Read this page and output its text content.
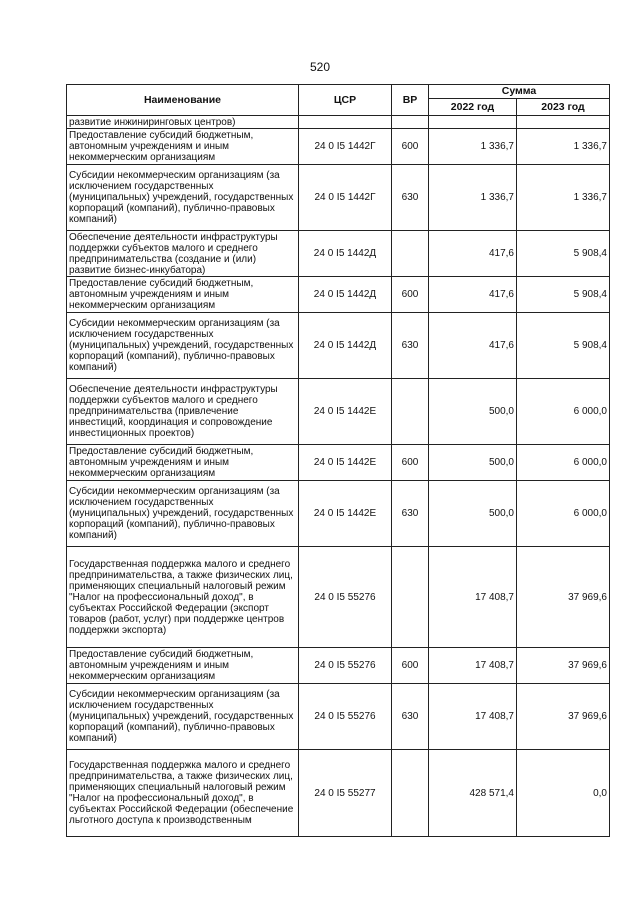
520
Наименование	ЦСР	ВР	Сумма	
			2022 год	2023 год
развитие инжиниринговых центров)				
Предоставление субсидий бюджетным, автономным учреждениям и иным некоммерческим организациям	24 0 I5 1442Г	600	1 336,7	1 336,7
Субсидии некоммерческим организациям (за исключением государственных (муниципальных) учреждений, государственных корпораций (компаний), публично-правовых компаний)	24 0 I5 1442Г	630	1 336,7	1 336,7
Обеспечение деятельности инфраструктуры поддержки субъектов малого и среднего предпринимательства (создание и (или) развитие бизнес-инкубатора)	24 0 I5 1442Д		417,6	5 908,4
Предоставление субсидий бюджетным, автономным учреждениям и иным некоммерческим организациям	24 0 I5 1442Д	600	417,6	5 908,4
Субсидии некоммерческим организациям (за исключением государственных (муниципальных) учреждений, государственных корпораций (компаний), публично-правовых компаний)	24 0 I5 1442Д	630	417,6	5 908,4
Обеспечение деятельности инфраструктуры поддержки субъектов малого и среднего предпринимательства (привлечение инвестиций, координация и сопровождение инвестиционных проектов)	24 0 I5 1442Е		500,0	6 000,0
Предоставление субсидий бюджетным, автономным учреждениям и иным некоммерческим организациям	24 0 I5 1442Е	600	500,0	6 000,0
Субсидии некоммерческим организациям (за исключением государственных (муниципальных) учреждений, государственных корпораций (компаний), публично-правовых компаний)	24 0 I5 1442Е	630	500,0	6 000,0
Государственная поддержка малого и среднего предпринимательства, а также физических лиц, применяющих специальный налоговый режим "Налог на профессиональный доход", в субъектах Российской Федерации (экспорт товаров (работ, услуг) при поддержке центров поддержки экспорта)	24 0 I5 55276		17 408,7	37 969,6
Предоставление субсидий бюджетным, автономным учреждениям и иным некоммерческим организациям	24 0 I5 55276	600	17 408,7	37 969,6
Субсидии некоммерческим организациям (за исключением государственных (муниципальных) учреждений, государственных корпораций (компаний), публично-правовых компаний)	24 0 I5 55276	630	17 408,7	37 969,6
Государственная поддержка малого и среднего предпринимательства, а также физических лиц, применяющих специальный налоговый режим "Налог на профессиональный доход", в субъектах Российской Федерации (обеспечение льготного доступа к производственным	24 0 I5 55277		428 571,4	0,0
